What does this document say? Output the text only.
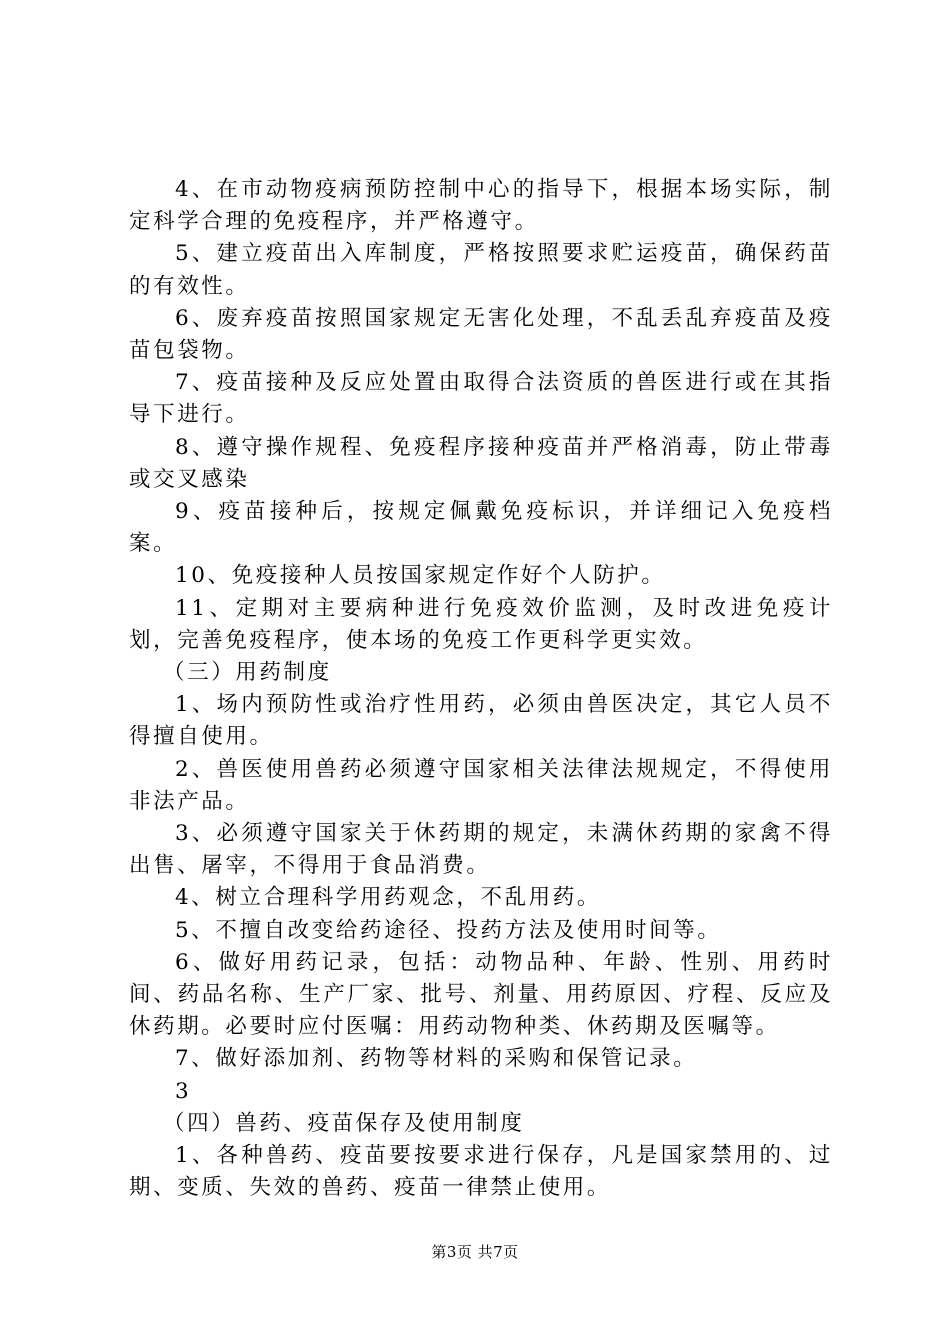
4、在市动物疫病预防控制中心的指导下，根据本场实际，制定科学合理的免疫程序，并严格遵守。

5、建立疫苗出入库制度，严格按照要求贮运疫苗，确保药苗的有效性。

6、废弃疫苗按照国家规定无害化处理，不乱丢乱弃疫苗及疫苗包袋物。

7、疫苗接种及反应处置由取得合法资质的兽医进行或在其指导下进行。

8、遵守操作规程、免疫程序接种疫苗并严格消毒，防止带毒或交叉感染

9、疫苗接种后，按规定佩戴免疫标识，并详细记入免疫档案。

10、免疫接种人员按国家规定作好个人防护。

11、定期对主要病种进行免疫效价监测，及时改进免疫计划，完善免疫程序，使本场的免疫工作更科学更实效。

（三）用药制度

1、场内预防性或治疗性用药，必须由兽医决定，其它人员不得擅自使用。

2、兽医使用兽药必须遵守国家相关法律法规规定，不得使用非法产品。

3、必须遵守国家关于休药期的规定，未满休药期的家禽不得出售、屠宰，不得用于食品消费。

4、树立合理科学用药观念，不乱用药。

5、不擅自改变给药途径、投药方法及使用时间等。

6、做好用药记录，包括：动物品种、年龄、性别、用药时间、药品名称、生产厂家、批号、剂量、用药原因、疗程、反应及休药期。必要时应付医嘱：用药动物种类、休药期及医嘱等。

7、做好添加剂、药物等材料的采购和保管记录。

3

（四）兽药、疫苗保存及使用制度

1、各种兽药、疫苗要按要求进行保存，凡是国家禁用的、过期、变质、失效的兽药、疫苗一律禁止使用。

第3页 共7页
